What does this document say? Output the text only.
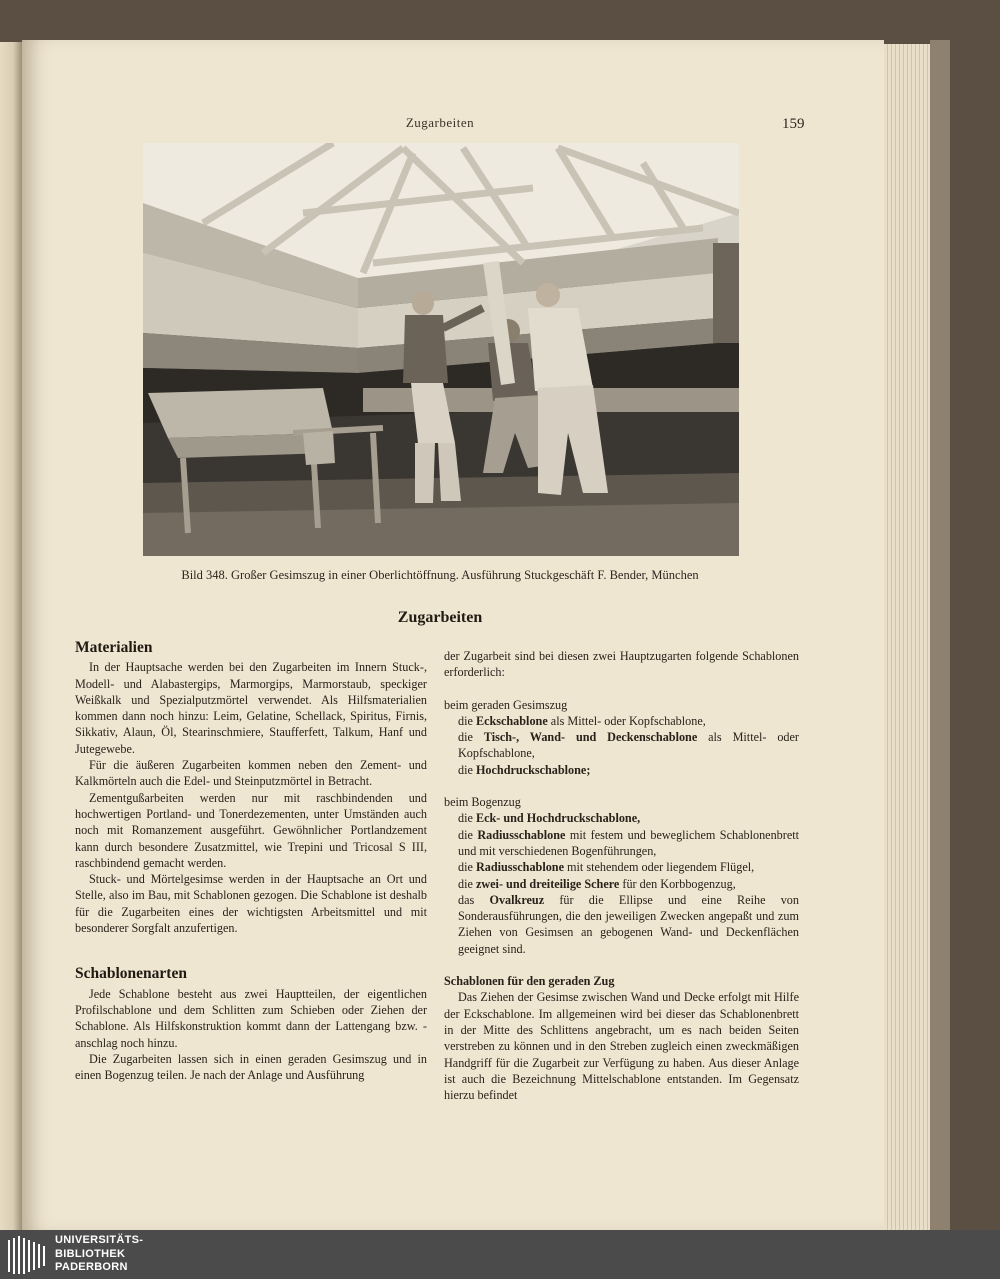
Zugarbeiten	159
Bild 348. Großer Gesimszug in einer Oberlichtöffnung. Ausführung Stuckgeschäft F. Bender, München
Zugarbeiten
Materialien

In der Hauptsache werden bei den Zugarbeiten im Innern Stuck-, Modell- und Alabastergips, Marmorgips, Marmorstaub, speckiger Weißkalk und Spezialputzmörtel verwendet. Als Hilfsmaterialien kommen dann noch hinzu: Leim, Gelatine, Schellack, Spiritus, Firnis, Sikkativ, Alaun, Öl, Stearinschmiere, Staufferfett, Talkum, Hanf und Jutegewebe.

Für die äußeren Zugarbeiten kommen neben den Zement- und Kalkmörteln auch die Edel- und Steinputzmörtel in Betracht.

Zementgußarbeiten werden nur mit raschbindenden und hochwertigen Portland- und Tonerdezementen, unter Umständen auch noch mit Romanzement ausgeführt. Gewöhnlicher Portlandzement kann durch besondere Zusatzmittel, wie Trepini und Tricosal S III, raschbindend gemacht werden.

Stuck- und Mörtelgesimse werden in der Hauptsache an Ort und Stelle, also im Bau, mit Schablonen gezogen. Die Schablone ist deshalb für die Zugarbeiten eines der wichtigsten Arbeitsmittel und mit besonderer Sorgfalt anzufertigen.

Schablonenarten

Jede Schablone besteht aus zwei Hauptteilen, der eigentlichen Profilschablone und dem Schlitten zum Schieben oder Ziehen der Schablone. Als Hilfskonstruktion kommt dann der Lattengang bzw. -anschlag noch hinzu.

Die Zugarbeiten lassen sich in einen geraden Gesimszug und in einen Bogenzug teilen. Je nach der Anlage und Ausführung

der Zugarbeit sind bei diesen zwei Hauptzugarten folgende Schablonen erforderlich:

beim geraden Gesimszug
die Eckschablone als Mittel- oder Kopfschablone,
die Tisch-, Wand- und Deckenschablone als Mittel- oder Kopfschablone,
die Hochdruckschablone;
beim Bogenzug
die Eck- und Hochdruckschablone,
die Radiusschablone mit festem und beweglichem Schablonenbrett und mit verschiedenen Bogenführungen,
die Radiusschablone mit stehendem oder liegendem Flügel,
die zwei- und dreiteilige Schere für den Korbbogenzug,
das Ovalkreuz für die Ellipse und eine Reihe von Sonderausführungen, die den jeweiligen Zwecken angepaßt und zum Ziehen von Gesimsen an gebogenen Wand- und Deckenflächen geeignet sind.
Schablonen für den geraden Zug

Das Ziehen der Gesimse zwischen Wand und Decke erfolgt mit Hilfe der Eckschablone. Im allgemeinen wird bei dieser das Schablonenbrett in der Mitte des Schlittens angebracht, um es nach beiden Seiten verstreben zu können und in den Streben zugleich einen zweckmäßigen Handgriff für die Zugarbeit zur Verfügung zu haben. Aus dieser Anlage ist auch die Bezeichnung Mittelschablone entstanden. Im Gegensatz hierzu befindet

UNIVERSITÄTS-
BIBLIOTHEK
PADERBORN
